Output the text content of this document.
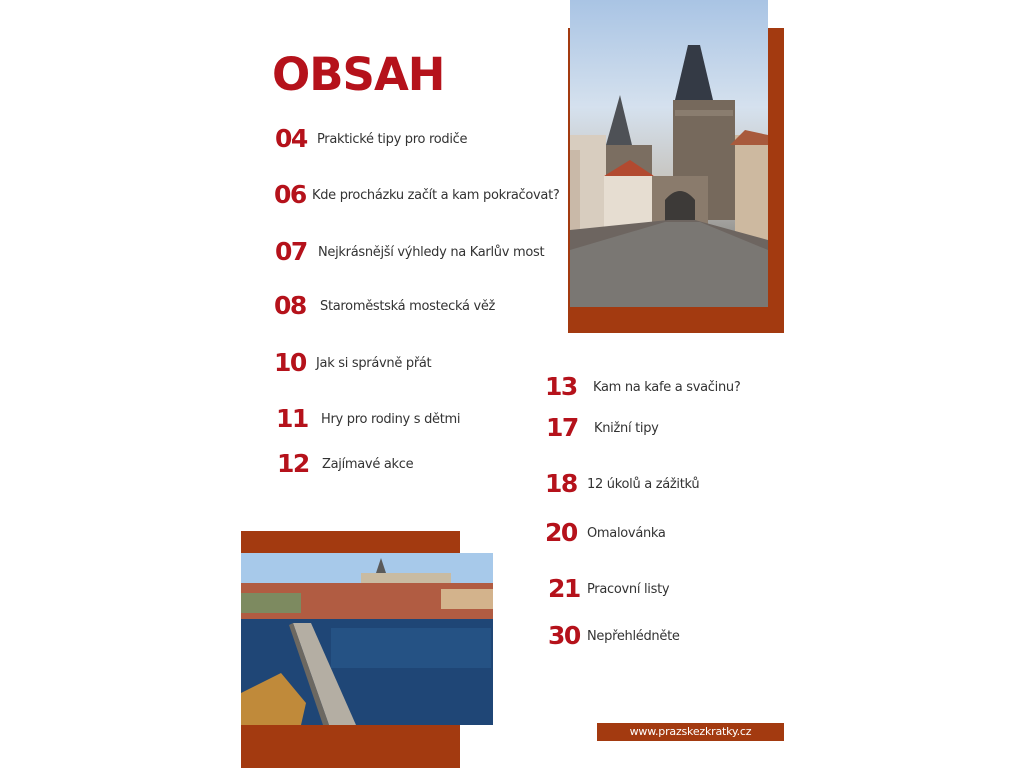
OBSAH
04 Praktické tipy pro rodiče
06 Kde procházku začít a kam pokračovat?
07 Nejkrásnější výhledy na Karlův most
08 Staroměstská mostecká věž
10 Jak si správně přát
11 Hry pro rodiny s dětmi
12 Zajímavé akce
13 Kam na kafe a svačinu?
17 Knižní tipy
18 12 úkolů a zážitků
20 Omalovánka
21 Pracovní listy
30 Nepřehlédněte
www.prazskezkratky.cz
